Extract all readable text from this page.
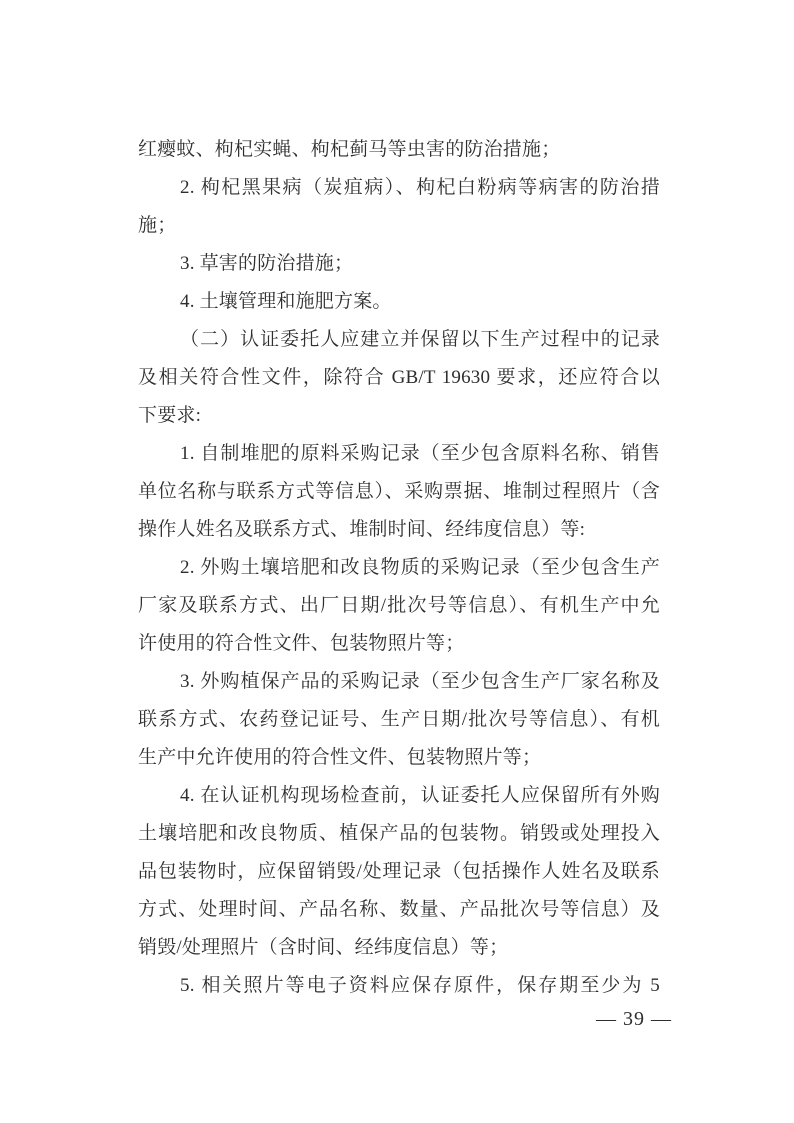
红瘿蚊、枸杞实蝇、枸杞蓟马等虫害的防治措施；
2. 枸杞黑果病（炭疽病）、枸杞白粉病等病害的防治措
施；
3. 草害的防治措施；
4. 土壤管理和施肥方案。
（二）认证委托人应建立并保留以下生产过程中的记录
及相关符合性文件，除符合 GB/T 19630 要求，还应符合以
下要求:
1. 自制堆肥的原料采购记录（至少包含原料名称、销售
单位名称与联系方式等信息）、采购票据、堆制过程照片（含
操作人姓名及联系方式、堆制时间、经纬度信息）等:
2. 外购土壤培肥和改良物质的采购记录（至少包含生产
厂家及联系方式、出厂日期/批次号等信息）、有机生产中允
许使用的符合性文件、包装物照片等；
3. 外购植保产品的采购记录（至少包含生产厂家名称及
联系方式、农药登记证号、生产日期/批次号等信息）、有机
生产中允许使用的符合性文件、包装物照片等；
4. 在认证机构现场检查前，认证委托人应保留所有外购
土壤培肥和改良物质、植保产品的包装物。销毁或处理投入
品包装物时，应保留销毁/处理记录（包括操作人姓名及联系
方式、处理时间、产品名称、数量、产品批次号等信息）及
销毁/处理照片（含时间、经纬度信息）等；
5. 相关照片等电子资料应保存原件，保存期至少为 5
— 39 —
